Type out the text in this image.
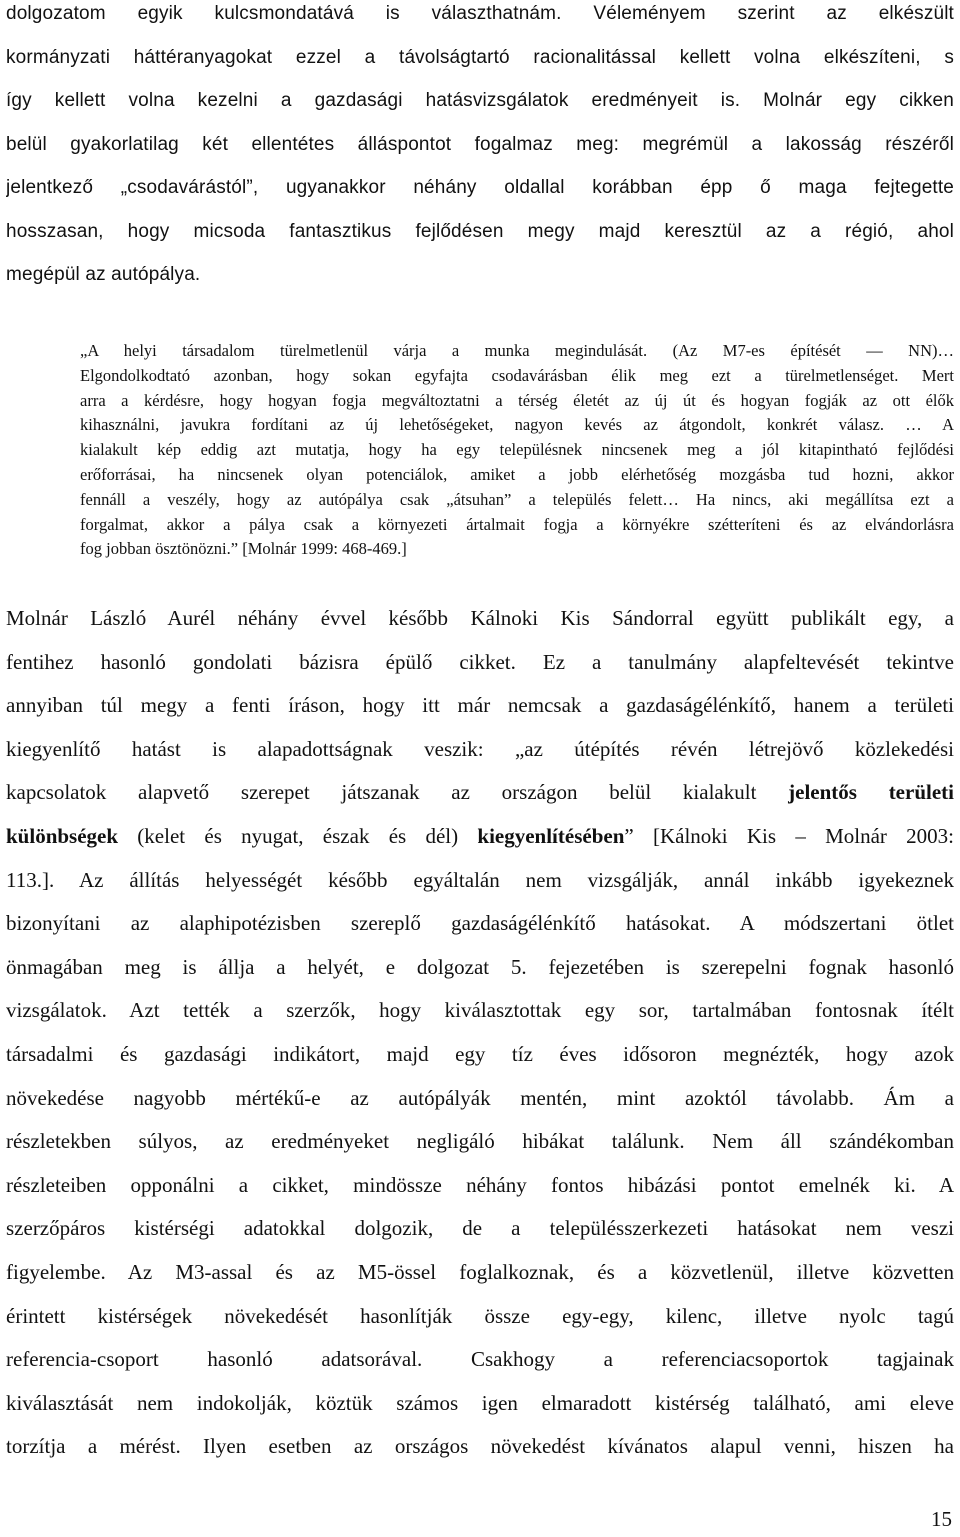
dolgozatom egyik kulcsmondatává is választhatnám. Véleményem szerint az elkészült
kormányzati háttéranyagokat ezzel a távolságtartó racionalitással kellett volna elkészíteni, s
így kellett volna kezelni a gazdasági hatásvizsgálatok eredményeit is. Molnár egy cikken
belül gyakorlatilag két ellentétes álláspontot fogalmaz meg: megrémül a lakosság részéről
jelentkező „csodavárástól”, ugyanakkor néhány oldallal korábban épp ő maga fejtegette
hosszasan, hogy micsoda fantasztikus fejlődésen megy majd keresztül az a régió, ahol
megépül az autópálya.
„A helyi társadalom türelmetlenül várja a munka megindulását. (Az M7-es építését — NN)…
Elgondolkodtató azonban, hogy sokan egyfajta csodavárásban élik meg ezt a türelmetlenséget. Mert
arra a kérdésre, hogy hogyan fogja megváltoztatni a térség életét az új út és hogyan fogják az ott élők
kihasználni, javukra fordítani az új lehetőségeket, nagyon kevés az átgondolt, konkrét válasz. … A
kialakult kép eddig azt mutatja, hogy ha egy településnek nincsenek meg a jól kitapintható fejlődési
erőforrásai, ha nincsenek olyan potenciálok, amiket a jobb elérhetőség mozgásba tud hozni, akkor
fennáll a veszély, hogy az autópálya csak „átsuhan” a település felett… Ha nincs, aki megállítsa ezt a
forgalmat, akkor a pálya csak a környezeti ártalmait fogja a környékre szétteríteni és az elvándorlásra
fog jobban ösztönözni.” [Molnár 1999: 468-469.]
Molnár László Aurél néhány évvel később Kálnoki Kis Sándorral együtt publikált egy, a
fentihez hasonló gondolati bázisra épülő cikket. Ez a tanulmány alapfeltevését tekintve
annyiban túl megy a fenti íráson, hogy itt már nemcsak a gazdaságélénkítő, hanem a területi
kiegyenlítő hatást is alapadottságnak veszik: „az útépítés révén létrejövő közlekedési
kapcsolatok alapvető szerepet játszanak az országon belül kialakult jelentős területi
különbségek (kelet és nyugat, észak és dél) kiegyenlítésében” [Kálnoki Kis – Molnár 2003:
113.]. Az állítás helyességét később egyáltalán nem vizsgálják, annál inkább igyekeznek
bizonyítani az alaphipotézisben szereplő gazdaságélénkítő hatásokat. A módszertani ötlet
önmagában meg is állja a helyét, e dolgozat 5. fejezetében is szerepelni fognak hasonló
vizsgálatok. Azt tették a szerzők, hogy kiválasztottak egy sor, tartalmában fontosnak ítélt
társadalmi és gazdasági indikátort, majd egy tíz éves idősoron megnézték, hogy azok
növekedése nagyobb mértékű-e az autópályák mentén, mint azoktól távolabb. Ám a
részletekben súlyos, az eredményeket negligáló hibákat találunk. Nem áll szándékomban
részleteiben opponálni a cikket, mindössze néhány fontos hibázási pontot emelnék ki. A
szerzőpáros kistérségi adatokkal dolgozik, de a településszerkezeti hatásokat nem veszi
figyelembe. Az M3-assal és az M5-össel foglalkoznak, és a közvetlenül, illetve közvetten
érintett kistérségek növekedését hasonlítják össze egy-egy, kilenc, illetve nyolc tagú
referencia-csoport hasonló adatsorával. Csakhogy a referenciacsoportok tagjainak
kiválasztását nem indokolják, köztük számos igen elmaradott kistérség található, ami eleve
torzítja a mérést. Ilyen esetben az országos növekedést kívánatos alapul venni, hiszen ha

15
